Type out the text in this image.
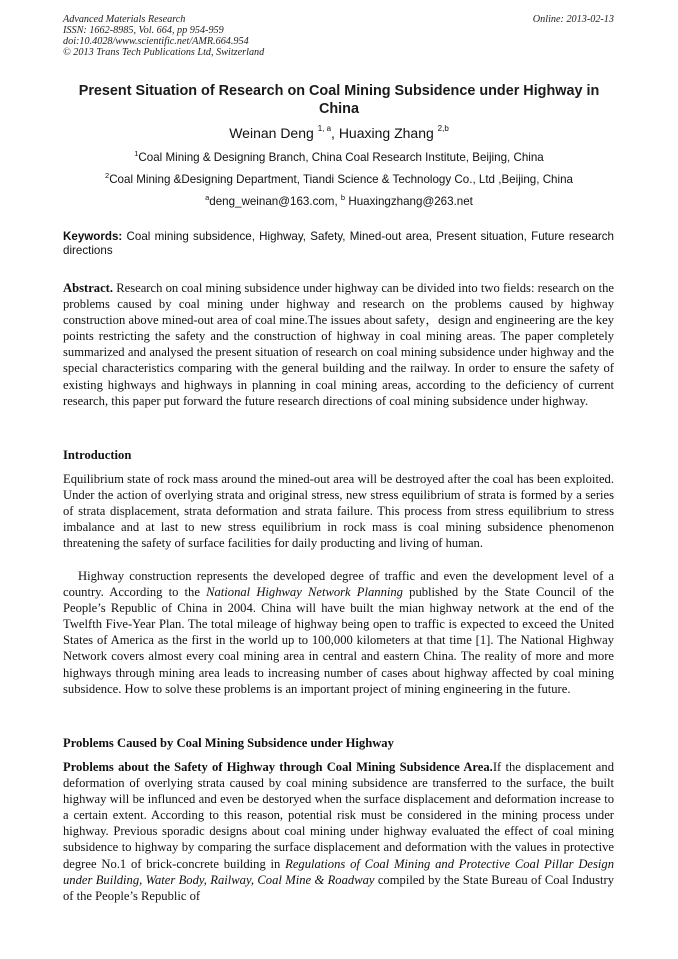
Advanced Materials Research
ISSN: 1662-8985, Vol. 664, pp 954-959
doi:10.4028/www.scientific.net/AMR.664.954
© 2013 Trans Tech Publications Ltd, Switzerland
Online: 2013-02-13
Present Situation of Research on Coal Mining Subsidence under Highway in China
Weinan Deng $^{1, a}$, Huaxing Zhang $^{2,b}$
$^1$Coal Mining & Designing Branch, China Coal Research Institute, Beijing, China
$^2$Coal Mining &Designing Department, Tiandi Science & Technology Co., Ltd ,Beijing, China
$^a$deng_weinan@163.com, $^b$ Huaxingzhang@263.net
Keywords: Coal mining subsidence, Highway, Safety, Mined-out area, Present situation, Future research directions
Abstract. Research on coal mining subsidence under highway can be divided into two fields: research on the problems caused by coal mining under highway and research on the problems caused by highway construction above mined-out area of coal mine.The issues about safety，design and engineering are the key points restricting the safety and the construction of highway in coal mining areas. The paper completely summarized and analysed the present situation of research on coal mining subsidence under highway and the special characteristics comparing with the general building and the railway. In order to ensure the safety of existing highways and highways in planning in coal mining areas, according to the deficiency of current research, this paper put forward the future research directions of coal mining subsidence under highway.
Introduction

Equilibrium state of rock mass around the mined-out area will be destroyed after the coal has been exploited. Under the action of overlying strata and original stress, new stress equilibrium of strata is formed by a series of strata displacement, strata deformation and strata failure. This process from stress equilibrium to stress imbalance and at last to new stress equilibrium in rock mass is coal mining subsidence phenomenon threatening the safety of surface facilities for daily producting and living of human.

Highway construction represents the developed degree of traffic and even the development level of a country. According to the National Highway Network Planning published by the State Council of the People’s Republic of China in 2004. China will have built the mian highway network at the end of the Twelfth Five-Year Plan. The total mileage of highway being open to traffic is expected to exceed the United States of America as the first in the world up to 100,000 kilometers at that time [1]. The National Highway Network covers almost every coal mining area in central and eastern China. The reality of more and more highways through mining area leads to increasing number of cases about highway affected by coal mining subsidence. How to solve these problems is an important project of mining engineering in the future.

Problems Caused by Coal Mining Subsidence under Highway

Problems about the Safety of Highway through Coal Mining Subsidence Area.If the displacement and deformation of overlying strata caused by coal mining subsidence are transferred to the surface, the built highway will be influnced and even be destoryed when the surface displacement and deformation increase to a certain extent. According to this reason, potential risk must be considered in the mining process under highway. Previous sporadic designs about coal mining under highway evaluated the effect of coal mining subsidence to highway by comparing the surface displacement and deformation with the values in protective degree No.1 of brick-concrete building in Regulations of Coal Mining and Protective Coal Pillar Design under Building, Water Body, Railway, Coal Mine & Roadway compiled by the State Bureau of Coal Industry of the People’s Republic of
